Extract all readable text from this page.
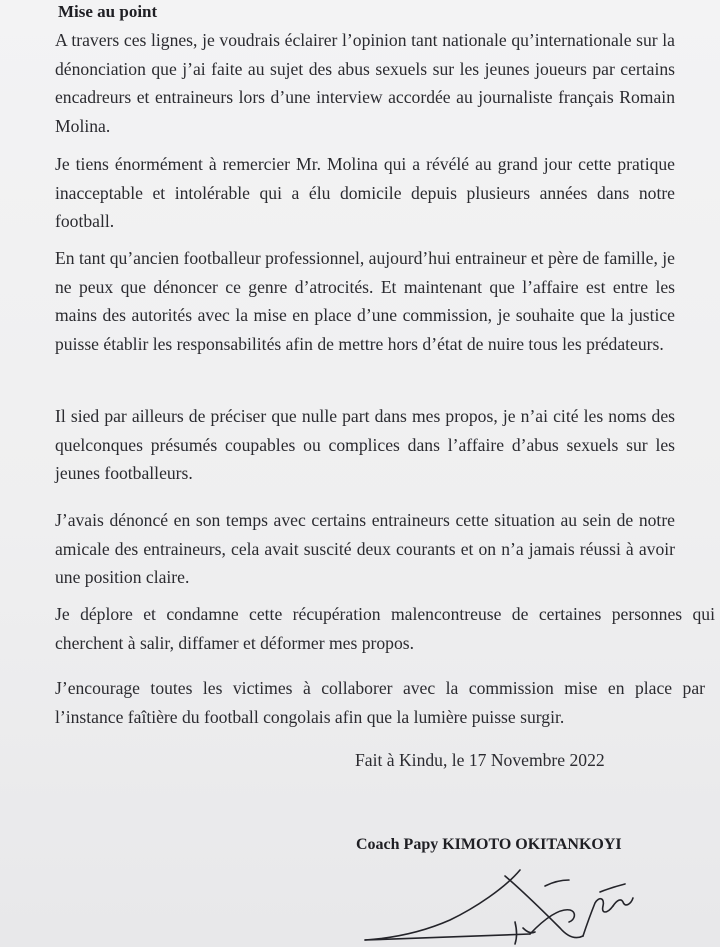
Mise au point

A travers ces lignes, je voudrais éclairer l’opinion tant nationale qu’internationale sur la dénonciation que j’ai faite au sujet des abus sexuels sur les jeunes joueurs par certains encadreurs et entraineurs lors d’une interview accordée au journaliste français Romain Molina.

Je tiens énormément à remercier Mr. Molina qui a révélé au grand jour cette pratique inacceptable et intolérable qui a élu domicile depuis plusieurs années dans notre football.

En tant qu’ancien footballeur professionnel, aujourd’hui entraineur et père de famille, je ne peux que dénoncer ce genre d’atrocités. Et maintenant que l’affaire est entre les mains des autorités avec la mise en place d’une commission, je souhaite que la justice puisse établir les responsabilités afin de mettre hors d’état de nuire tous les prédateurs.

Il sied par ailleurs de préciser que nulle part dans mes propos, je n’ai cité les noms des quelconques présumés coupables ou complices dans l’affaire d’abus sexuels sur les jeunes footballeurs.

J’avais dénoncé en son temps avec certains entraineurs cette situation au sein de notre amicale des entraineurs, cela avait suscité deux courants et on n’a jamais réussi à avoir une position claire.

Je déplore et condamne cette récupération malencontreuse de certaines personnes qui cherchent à salir, diffamer et déformer mes propos.

J’encourage toutes les victimes à collaborer avec la commission mise en place par l’instance faîtière du football congolais afin que la lumière puisse surgir.

Fait à Kindu, le 17 Novembre 2022
Coach Papy KIMOTO OKITANKOYI
